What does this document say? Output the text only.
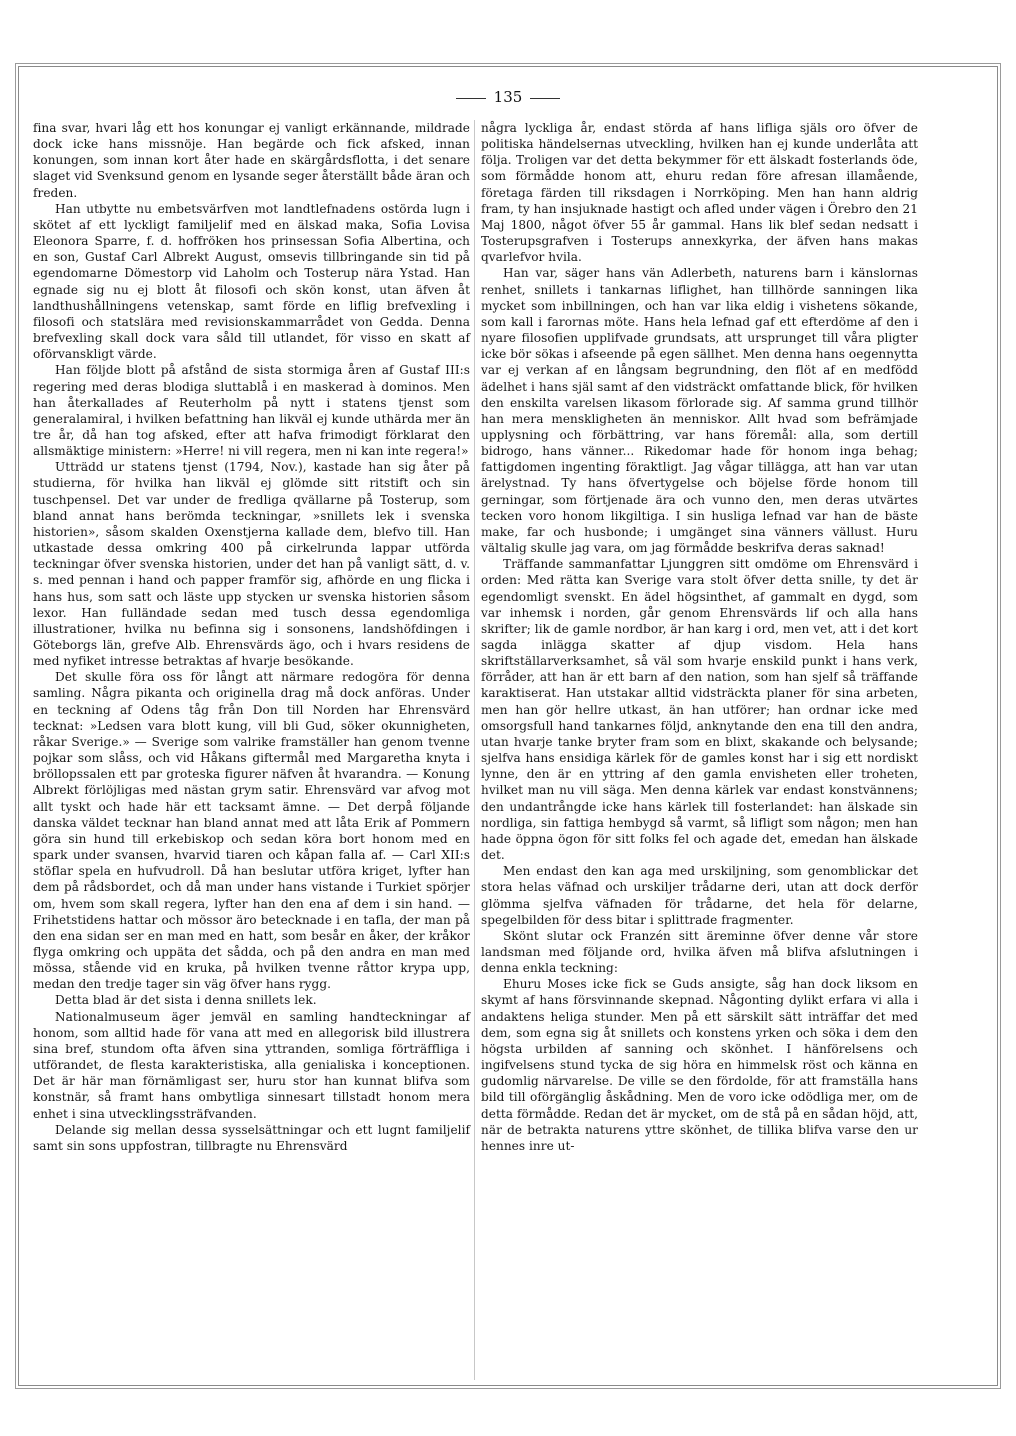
135

fina svar, hvari låg ett hos konungar ej vanligt erkännande, mildrade dock icke hans missnöje. Han begärde och fick afsked, innan konungen, som innan kort åter hade en skärgårdsflotta, i det senare slaget vid Svenksund genom en lysande seger återställt både äran och freden.

Han utbytte nu embetsvärfven mot landtlefnadens ostörda lugn i skötet af ett lyckligt familjelif med en älskad maka, Sofia Lovisa Eleonora Sparre, f. d. hoffröken hos prinsessan Sofia Albertina, och en son, Gustaf Carl Albrekt August, omsevis tillbringande sin tid på egendomarne Dömestorp vid Laholm och Tosterup nära Ystad. Han egnade sig nu ej blott åt filosofi och skön konst, utan äfven åt landthushållningens vetenskap, samt förde en liflig brefvexling i filosofi och statslära med revisionskammarrådet von Gedda. Denna brefvexling skall dock vara såld till utlandet, för visso en skatt af oförvanskligt värde.

Han följde blott på afstånd de sista stormiga åren af Gustaf III:s regering med deras blodiga sluttablå i en maskerad à dominos. Men han återkallades af Reuterholm på nytt i statens tjenst som generalamiral, i hvilken befattning han likväl ej kunde uthärda mer än tre år, då han tog afsked, efter att hafva frimodigt förklarat den allsmäktige ministern: »Herre! ni vill regera, men ni kan inte regera!»

Utträdd ur statens tjenst (1794, Nov.), kastade han sig åter på studierna, för hvilka han likväl ej glömde sitt ritstift och sin tuschpensel. Det var under de fredliga qvällarne på Tosterup, som bland annat hans berömda teckningar, »snillets lek i svenska historien», såsom skalden Oxenstjerna kallade dem, blefvo till. Han utkastade dessa omkring 400 på cirkelrunda lappar utförda teckningar öfver svenska historien, under det han på vanligt sätt, d. v. s. med pennan i hand och papper framför sig, afhörde en ung flicka i hans hus, som satt och läste upp stycken ur svenska historien såsom lexor. Han fulländade sedan med tusch dessa egendomliga illustrationer, hvilka nu befinna sig i sonsonens, landshöfdingen i Göteborgs län, grefve Alb. Ehrensvärds ägo, och i hvars residens de med nyfiket intresse betraktas af hvarje besökande.

Det skulle föra oss för långt att närmare redogöra för denna samling. Några pikanta och originella drag må dock anföras. Under en teckning af Odens tåg från Don till Norden har Ehrensvärd tecknat: »Ledsen vara blott kung, vill bli Gud, söker okunnigheten, råkar Sverige.» — Sverige som valrike framställer han genom tvenne pojkar som slåss, och vid Håkans giftermål med Margaretha knyta i bröllopssalen ett par groteska figurer näfven åt hvarandra. — Konung Albrekt förlöjligas med nästan grym satir. Ehrensvärd var afvog mot allt tyskt och hade här ett tacksamt ämne. — Det derpå följande danska väldet tecknar han bland annat med att låta Erik af Pommern göra sin hund till erkebiskop och sedan köra bort honom med en spark under svansen, hvarvid tiaren och kåpan falla af. — Carl XII:s stöflar spela en hufvudroll. Då han beslutar utföra kriget, lyfter han dem på rådsbordet, och då man under hans vistande i Turkiet spörjer om, hvem som skall regera, lyfter han den ena af dem i sin hand. — Frihetstidens hattar och mössor äro betecknade i en tafla, der man på den ena sidan ser en man med en hatt, som besår en åker, der kråkor flyga omkring och uppäta det sådda, och på den andra en man med mössa, stående vid en kruka, på hvilken tvenne råttor krypa upp, medan den tredje tager sin väg öfver hans rygg.

Detta blad är det sista i denna snillets lek.

Nationalmuseum äger jemväl en samling handteckningar af honom, som alltid hade för vana att med en allegorisk bild illustrera sina bref, stundom ofta äfven sina yttranden, somliga förträffliga i utförandet, de flesta karakteristiska, alla genialiska i konceptionen. Det är här man förnämligast ser, huru stor han kunnat blifva som konstnär, så framt hans ombytliga sinnesart tillstadt honom mera enhet i sina utvecklingssträfvanden.

Delande sig mellan dessa sysselsättningar och ett lugnt familjelif samt sin sons uppfostran, tillbragte nu Ehrensvärd

några lyckliga år, endast störda af hans lifliga själs oro öfver de politiska händelsernas utveckling, hvilken han ej kunde underlåta att följa. Troligen var det detta bekymmer för ett älskadt fosterlands öde, som förmådde honom att, ehuru redan före afresan illamående, företaga färden till riksdagen i Norrköping. Men han hann aldrig fram, ty han insjuknade hastigt och afled under vägen i Örebro den 21 Maj 1800, något öfver 55 år gammal. Hans lik blef sedan nedsatt i Tosterupsgrafven i Tosterups annexkyrka, der äfven hans makas qvarlefvor hvila.

Han var, säger hans vän Adlerbeth, naturens barn i känslornas renhet, snillets i tankarnas liflighet, han tillhörde sanningen lika mycket som inbillningen, och han var lika eldig i vishetens sökande, som kall i farornas möte. Hans hela lefnad gaf ett efterdöme af den i nyare filosofien upplifvade grundsats, att ursprunget till våra pligter icke bör sökas i afseende på egen sällhet. Men denna hans oegennytta var ej verkan af en långsam begrundning, den flöt af en medfödd ädelhet i hans själ samt af den vidsträckt omfattande blick, för hvilken den enskilta varelsen likasom förlorade sig. Af samma grund tillhör han mera menskligheten än menniskor. Allt hvad som befrämjade upplysning och förbättring, var hans föremål: alla, som dertill bidrogo, hans vänner... Rikedomar hade för honom inga behag; fattigdomen ingenting föraktligt. Jag vågar tillägga, att han var utan ärelystnad. Ty hans öfvertygelse och böjelse förde honom till gerningar, som förtjenade ära och vunno den, men deras utvärtes tecken voro honom likgiltiga. I sin husliga lefnad var han de bäste make, far och husbonde; i umgänget sina vänners vällust. Huru vältalig skulle jag vara, om jag förmådde beskrifva deras saknad!

Träffande sammanfattar Ljunggren sitt omdöme om Ehrensvärd i orden: Med rätta kan Sverige vara stolt öfver detta snille, ty det är egendomligt svenskt. En ädel högsinthet, af gammalt en dygd, som var inhemsk i norden, går genom Ehrensvärds lif och alla hans skrifter; lik de gamle nordbor, är han karg i ord, men vet, att i det kort sagda inlägga skatter af djup visdom. Hela hans skriftställarverksamhet, så väl som hvarje enskild punkt i hans verk, förråder, att han är ett barn af den nation, som han sjelf så träffande karaktiserat. Han utstakar alltid vidsträckta planer för sina arbeten, men han gör hellre utkast, än han utförer; han ordnar icke med omsorgsfull hand tankarnes följd, anknytande den ena till den andra, utan hvarje tanke bryter fram som en blixt, skakande och belysande; sjelfva hans ensidiga kärlek för de gamles konst har i sig ett nordiskt lynne, den är en yttring af den gamla envisheten eller troheten, hvilket man nu vill säga. Men denna kärlek var endast konstvännens; den undantrångde icke hans kärlek till fosterlandet: han älskade sin nordliga, sin fattiga hembygd så varmt, så lifligt som någon; men han hade öppna ögon för sitt folks fel och agade det, emedan han älskade det.

Men endast den kan aga med urskiljning, som genomblickar det stora helas väfnad och urskiljer trådarne deri, utan att dock derför glömma sjelfva väfnaden för trådarne, det hela för delarne, spegelbilden för dess bitar i splittrade fragmenter.

Skönt slutar ock Franzén sitt äreminne öfver denne vår store landsman med följande ord, hvilka äfven må blifva afslutningen i denna enkla teckning:

Ehuru Moses icke fick se Guds ansigte, såg han dock liksom en skymt af hans försvinnande skepnad. Någonting dylikt erfara vi alla i andaktens heliga stunder. Men på ett särskilt sätt inträffar det med dem, som egna sig åt snillets och konstens yrken och söka i dem den högsta urbilden af sanning och skönhet. I hänförelsens och ingifvelsens stund tycka de sig höra en himmelsk röst och känna en gudomlig närvarelse. De ville se den fördolde, för att framställa hans bild till oförgänglig åskådning. Men de voro icke odödliga mer, om de detta förmådde. Redan det är mycket, om de stå på en sådan höjd, att, när de betrakta naturens yttre skönhet, de tillika blifva varse den ur hennes inre ut-
